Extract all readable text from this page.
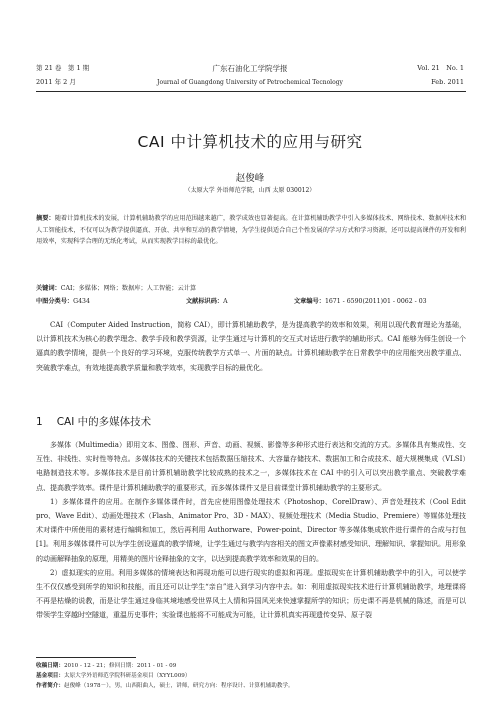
第 21 卷　第 1 期
2011 年 2 月
广东石油化工学院学报
Journal of Guangdong University of Petrochemical Tecnology
Vol. 21　No. 1
Feb. 2011
CAI 中计算机技术的应用与研究
赵俊峰
（太原大学 外语师范学院，山西 太原 030012）
摘要：随着计算机技术的发展，计算机辅助教学的应用范围越来越广，教学成效也显著提高。在计算机辅助教学中引入多媒体技术、网络技术、数据库技术和人工智能技术，不仅可以为教学提供逼真、开放、共享和互动的教学情境，为学生提供适合自己个性发展的学习方式和学习资源，还可以提高课件的开发和利用效率，实现科学合理的无纸化考试，从而实现教学目标的最优化。
关键词：CAI；多媒体；网络；数据库；人工智能；云计算
中图分类号：G434	文献标识码：A	文章编号：1671 - 6590(2011)01 - 0062 - 03

CAI（Computer Aided Instruction，简称 CAI），即计算机辅助教学，是为提高教学的效率和效果，利用以现代教育理论为基础，以计算机技术为核心的教学理念、教学手段和教学资源，让学生通过与计算机的交互式对话进行教学的辅助形式。CAI 能够为师生创设一个逼真的教学情境，提供一个良好的学习环境，克服传统教学方式单一、片面的缺点。计算机辅助教学在日常教学中的应用能突出教学重点、突破教学难点，有效地提高教学质量和教学效率，实现教学目标的最优化。

1 CAI 中的多媒体技术

多媒体（Multimedia）即用文本、图像、图形、声音、动画、视频、影像等多种形式进行表达和交流的方式。多媒体具有集成性、交互性、非线性、实时性等特点。多媒体技术的关键技术包括数据压缩技术、大容量存储技术、数据加工和合成技术、超大规模集成（VLSI）电路制造技术等。多媒体技术是目前计算机辅助教学比较成熟的技术之一，多媒体技术在 CAI 中的引入可以突出教学重点、突破教学难点、提高教学效率。课件是计算机辅助教学的重要形式，而多媒体课件又是目前课堂计算机辅助教学的主要形式。

1）多媒体课件的应用。在制作多媒体课件时，首先应使用图像处理技术（Photoshop、CorelDraw）、声音处理技术（Cool Edit pro、Wave Edit）、动画处理技术（Flash、Animator Pro、3D - MAX）、视频处理技术（Media Studio、Premiere）等媒体处理技术对课件中所使用的素材进行编辑和加工，然后再利用 Authorware、Power-point、Director 等多媒体集成软件进行课件的合成与打包[1]。利用多媒体课件可以为学生创设逼真的教学情境，让学生通过与教学内容相关的图文声像素材感受知识、理解知识、掌握知识。用形象的动画解释抽象的原理，用精美的图片诠释抽象的文字，以达到提高教学效率和效果的目的。

2）虚拟现实的应用。利用多媒体的情境表达和再现功能可以进行现实的虚拟和再现。虚拟现实在计算机辅助教学中的引入，可以使学生不仅仅感受到所学的知识和技能，而且还可以让学生“亲自”进入到学习内容中去。如：利用虚拟现实技术进行计算机辅助教学，地理课将不再是枯燥的说教，而是让学生通过身临其境地感受世界风土人情和异国风光来快速掌握所学的知识；历史课不再是机械的陈述，而是可以带领学生穿越时空隧道，重温历史事件；实验课也能将不可能成为可能，让计算机真实再现遗传变异、原子裂

收稿日期：2010 - 12 - 21；修回日期：2011 - 01 - 09
基金项目：太原大学外语师范学院科研基金项目（XYYL009）
作者简介：赵俊峰（1978－），男，山西阳曲人，硕士，讲师，研究方向：程序设计、计算机辅助教学。
